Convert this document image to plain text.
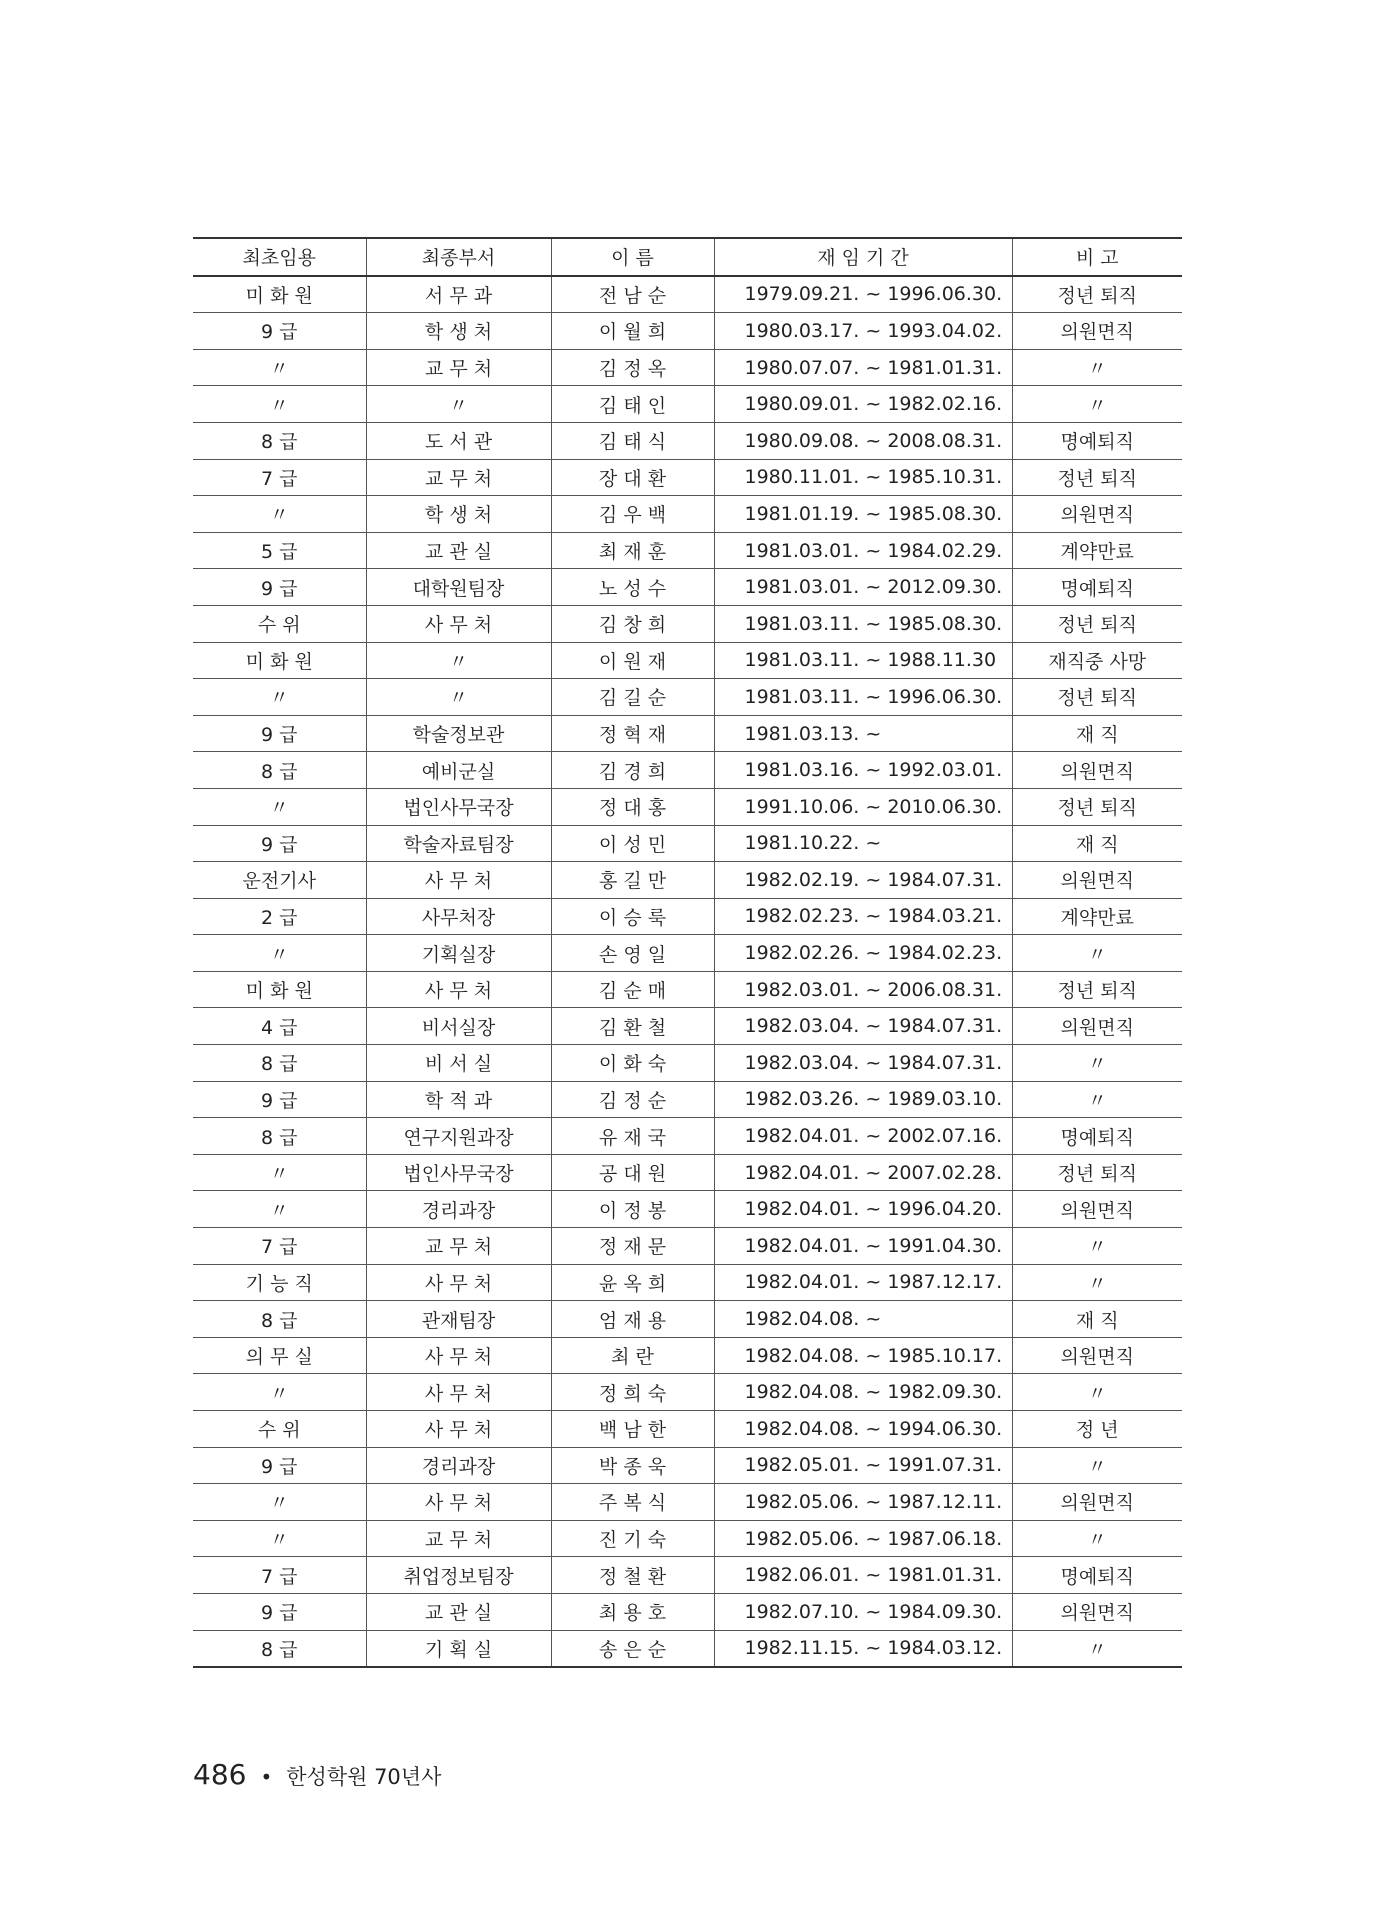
최초임용	최종부서	이 름	재 임 기 간	비 고
미 화 원	서 무 과	전 남 순	1979.09.21. ~ 1996.06.30.	정년 퇴직
9 급	학 생 처	이 월 희	1980.03.17. ~ 1993.04.02.	의원면직
〃	교 무 처	김 정 옥	1980.07.07. ~ 1981.01.31.	〃
〃	〃	김 태 인	1980.09.01. ~ 1982.02.16.	〃
8 급	도 서 관	김 태 식	1980.09.08. ~ 2008.08.31.	명예퇴직
7 급	교 무 처	장 대 환	1980.11.01. ~ 1985.10.31.	정년 퇴직
〃	학 생 처	김 우 백	1981.01.19. ~ 1985.08.30.	의원면직
5 급	교 관 실	최 재 훈	1981.03.01. ~ 1984.02.29.	계약만료
9 급	대학원팀장	노 성 수	1981.03.01. ~ 2012.09.30.	명예퇴직
수 위	사 무 처	김 창 희	1981.03.11. ~ 1985.08.30.	정년 퇴직
미 화 원	〃	이 원 재	1981.03.11. ~ 1988.11.30	재직중 사망
〃	〃	김 길 순	1981.03.11. ~ 1996.06.30.	정년 퇴직
9 급	학술정보관	정 혁 재	1981.03.13. ~	재 직
8 급	예비군실	김 경 희	1981.03.16. ~ 1992.03.01.	의원면직
〃	법인사무국장	정 대 홍	1991.10.06. ~ 2010.06.30.	정년 퇴직
9 급	학술자료팀장	이 성 민	1981.10.22. ~	재 직
운전기사	사 무 처	홍 길 만	1982.02.19. ~ 1984.07.31.	의원면직
2 급	사무처장	이 승 룩	1982.02.23. ~ 1984.03.21.	계약만료
〃	기획실장	손 영 일	1982.02.26. ~ 1984.02.23.	〃
미 화 원	사 무 처	김 순 매	1982.03.01. ~ 2006.08.31.	정년 퇴직
4 급	비서실장	김 환 철	1982.03.04. ~ 1984.07.31.	의원면직
8 급	비 서 실	이 화 숙	1982.03.04. ~ 1984.07.31.	〃
9 급	학 적 과	김 정 순	1982.03.26. ~ 1989.03.10.	〃
8 급	연구지원과장	유 재 국	1982.04.01. ~ 2002.07.16.	명예퇴직
〃	법인사무국장	공 대 원	1982.04.01. ~ 2007.02.28.	정년 퇴직
〃	경리과장	이 정 봉	1982.04.01. ~ 1996.04.20.	의원면직
7 급	교 무 처	정 재 문	1982.04.01. ~ 1991.04.30.	〃
기 능 직	사 무 처	윤 옥 희	1982.04.01. ~ 1987.12.17.	〃
8 급	관재팀장	엄 재 용	1982.04.08. ~	재 직
의 무 실	사 무 처	최 란	1982.04.08. ~ 1985.10.17.	의원면직
〃	사 무 처	정 희 숙	1982.04.08. ~ 1982.09.30.	〃
수 위	사 무 처	백 남 한	1982.04.08. ~ 1994.06.30.	정 년
9 급	경리과장	박 종 욱	1982.05.01. ~ 1991.07.31.	〃
〃	사 무 처	주 복 식	1982.05.06. ~ 1987.12.11.	의원면직
〃	교 무 처	진 기 숙	1982.05.06. ~ 1987.06.18.	〃
7 급	취업정보팀장	정 철 환	1982.06.01. ~ 1981.01.31.	명예퇴직
9 급	교 관 실	최 용 호	1982.07.10. ~ 1984.09.30.	의원면직
8 급	기 획 실	송 은 순	1982.11.15. ~ 1984.03.12.	〃
486 • 한성학원 70년사
